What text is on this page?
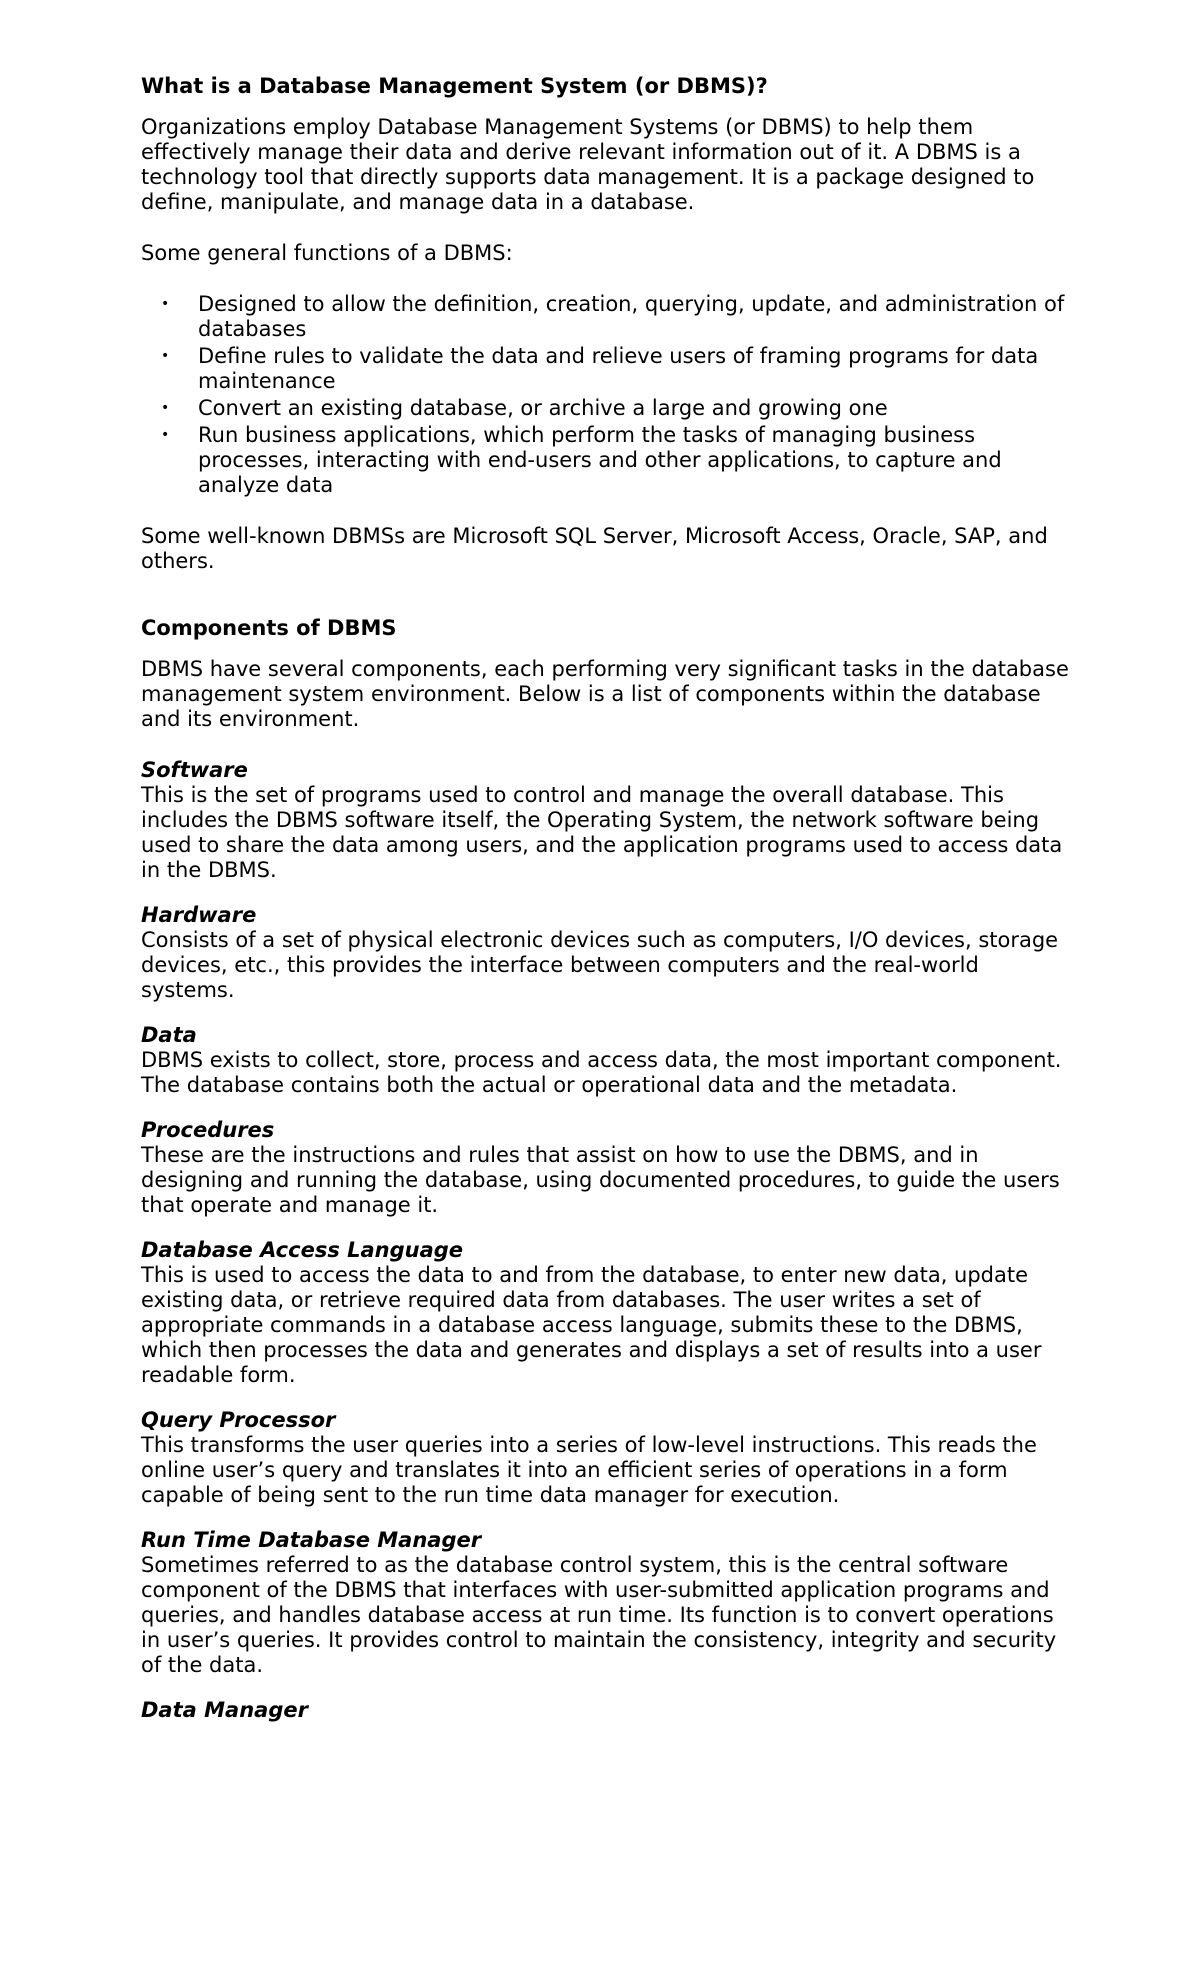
What is a Database Management System (or DBMS)?

Organizations employ Database Management Systems (or DBMS) to help them effectively manage their data and derive relevant information out of it. A DBMS is a technology tool that directly supports data management. It is a package designed to define, manipulate, and manage data in a database.

Some general functions of a DBMS:

• Designed to allow the definition, creation, querying, update, and administration of databases
• Define rules to validate the data and relieve users of framing programs for data maintenance
• Convert an existing database, or archive a large and growing one
• Run business applications, which perform the tasks of managing business processes, interacting with end-users and other applications, to capture and analyze data

Some well-known DBMSs are Microsoft SQL Server, Microsoft Access, Oracle, SAP, and others.

Components of DBMS

DBMS have several components, each performing very significant tasks in the database management system environment. Below is a list of components within the database and its environment.

Software

This is the set of programs used to control and manage the overall database. This includes the DBMS software itself, the Operating System, the network software being used to share the data among users, and the application programs used to access data in the DBMS.

Hardware

Consists of a set of physical electronic devices such as computers, I/O devices, storage devices, etc., this provides the interface between computers and the real-world systems.

Data

DBMS exists to collect, store, process and access data, the most important component. The database contains both the actual or operational data and the metadata.

Procedures

These are the instructions and rules that assist on how to use the DBMS, and in designing and running the database, using documented procedures, to guide the users that operate and manage it.

Database Access Language

This is used to access the data to and from the database, to enter new data, update existing data, or retrieve required data from databases. The user writes a set of appropriate commands in a database access language, submits these to the DBMS, which then processes the data and generates and displays a set of results into a user readable form.

Query Processor

This transforms the user queries into a series of low-level instructions. This reads the online user’s query and translates it into an efficient series of operations in a form capable of being sent to the run time data manager for execution.

Run Time Database Manager

Sometimes referred to as the database control system, this is the central software component of the DBMS that interfaces with user-submitted application programs and queries, and handles database access at run time. Its function is to convert operations in user’s queries. It provides control to maintain the consistency, integrity and security of the data.

Data Manager
